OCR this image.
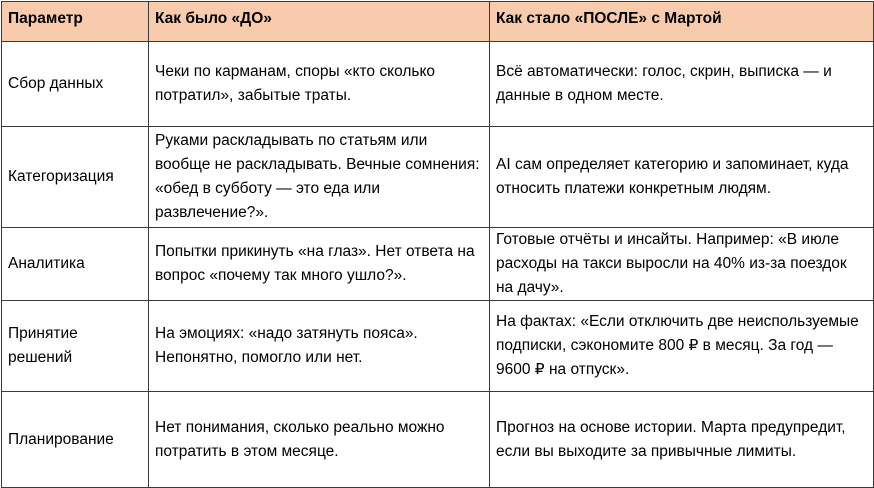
Параметр	Как было «ДО»	Как стало «ПОСЛЕ» с Мартой
Сбор данных	Чеки по карманам, споры «кто сколько потратил», забытые траты.	Всё автоматически: голос, скрин, выписка — и данные в одном месте.
Категоризация	Руками раскладывать по статьям или вообще не раскладывать. Вечные сомнения: «обед в субботу — это еда или развлечение?».	AI сам определяет категорию и запоминает, куда относить платежи конкретным людям.
Аналитика	Попытки прикинуть «на глаз». Нет ответа на вопрос «почему так много ушло?».	Готовые отчёты и инсайты. Например: «В июле расходы на такси выросли на 40% из-за поездок на дачу».
Принятие решений	На эмоциях: «надо затянуть пояса». Непонятно, помогло или нет.	На фактах: «Если отключить две неиспользуемые подписки, сэкономите 800 ₽ в месяц. За год — 9600 ₽ на отпуск».
Планирование	Нет понимания, сколько реально можно потратить в этом месяце.	Прогноз на основе истории. Марта предупредит, если вы выходите за привычные лимиты.
